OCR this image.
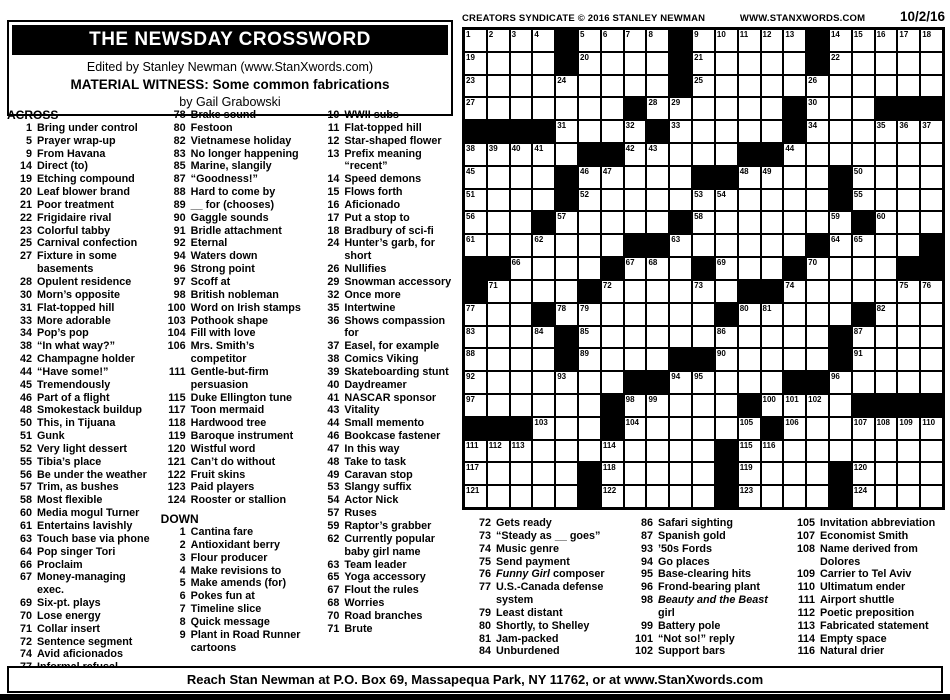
THE NEWSDAY CROSSWORD
Edited by Stanley Newman (www.StanXwords.com)
MATERIAL WITNESS: Some common fabrications
by Gail Grabowski
ACROSS
1 Bring under control
5 Prayer wrap-up
9 From Havana
14 Direct (to)
19 Etching compound
20 Leaf blower brand
21 Poor treatment
22 Frigidaire rival
23 Colorful tabby
25 Carnival confection
27 Fixture in some basements
28 Opulent residence
30 Morn’s opposite
31 Flat-topped hill
33 More adorable
34 Pop’s pop
38 “In what way?”
42 Champagne holder
44 “Have some!”
45 Tremendously
46 Part of a flight
48 Smokestack buildup
50 This, in Tijuana
51 Gunk
52 Very light dessert
55 Tibia’s place
56 Be under the weather
57 Trim, as bushes
58 Most flexible
60 Media mogul Turner
61 Entertains lavishly
63 Touch base via phone
64 Pop singer Tori
66 Proclaim
67 Money-managing exec.
69 Six-pt. plays
70 Lose energy
71 Collar insert
72 Sentence segment
74 Avid aficionados
78 Brake sound
80 Festoon
82 Vietnamese holiday
83 No longer happening
85 Marine, slangily
87 “Goodness!”
88 Hard to come by
89 __ for (chooses)
90 Gaggle sounds
91 Bridle attachment
92 Eternal
94 Waters down
96 Strong point
97 Scoff at
98 British nobleman
100 Word on Irish stamps
103 Pothook shape
104 Fill with love
106 Mrs. Smith’s competitor
111 Gentle-but-firm persuasion
115 Duke Ellington tune
117 Toon mermaid
118 Hardwood tree
119 Baroque instrument
120 Wistful word
121 Can’t do without
122 Fruit skins
123 Paid players
124 Rooster or stallion
DOWN
1 Cantina fare
2 Antioxidant berry
3 Flour producer
4 Make revisions to
5 Make amends (for)
6 Pokes fun at
7 Timeline slice
8 Quick message
9 Plant in Road Runner cartoons
10 WWII subs
11 Flat-topped hill
12 Star-shaped flower
13 Prefix meaning “recent”
14 Speed demons
15 Flows forth
16 Aficionado
17 Put a stop to
18 Bradbury of sci-fi
24 Hunter’s garb, for short
26 Nullifies
29 Snowman accessory
32 Once more
35 Intertwine
36 Shows compassion for
37 Easel, for example
38 Comics Viking
39 Skateboarding stunt
40 Daydreamer
41 NASCAR sponsor
43 Vitality
44 Small memento
46 Bookcase fastener
47 In this way
48 Take to task
49 Caravan stop
53 Slangy suffix
54 Actor Nick
57 Ruses
59 Raptor’s grabber
62 Currently popular baby girl name
63 Team leader
65 Yoga accessory
67 Flout the rules
68 Worries
70 Road branches
71 Brute
CREATORS SYNDICATE © 2016 STANLEY NEWMAN	WWW.STANXWORDS.COM	10/2/16
1 2 3 4	5 6 7 8	9 10 11 12 13	14 15 16 17 18
19	20	21	22
23	24	25	26
27	28 29	30
31	32	33	34	35 36 37
38 39 40 41	42 43	44
45	46 47	48 49	50
51	52	53 54	55
56	57	58	59	60
61	62	63	64 65
66	67 68	69	70
71	72	73	74	75 76
77	78 79	80 81	82
83	84	85	86	87
88	89	90	91
92	93	94 95	96
97	98 99	100 101 102
103	104	105	106	107 108 109 110
111 112 113	114	115 116
117	118	119	120
121	122	123	124
72 Gets ready
73 “Steady as __ goes”
74 Music genre
75 Send payment
76 Funny Girl composer
77 U.S.-Canada defense system
79 Least distant
80 Shortly, to Shelley
81 Jam-packed
84 Unburdened
86 Safari sighting
87 Spanish gold
93 ’50s Fords
94 Go places
95 Base-clearing hits
96 Frond-bearing plant
98 Beauty and the Beast girl
99 Battery pole
101 “Not so!” reply
102 Support bars
105 Invitation abbreviation
107 Economist Smith
108 Name derived from Dolores
109 Carrier to Tel Aviv
110 Ultimatum ender
111 Airport shuttle
112 Poetic preposition
113 Fabricated statement
114 Empty space
116 Natural drier
Reach Stan Newman at P.O. Box 69, Massapequa Park, NY 11762, or at www.StanXwords.com
